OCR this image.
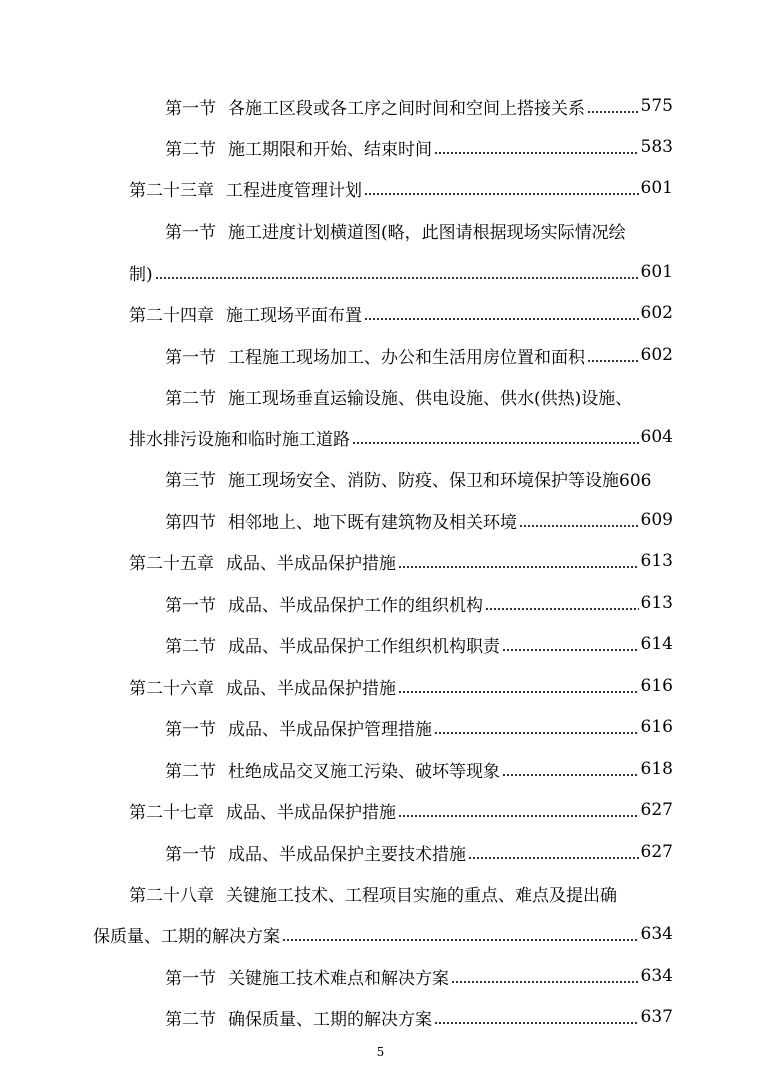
第一节 各施工区段或各工序之间时间和空间上搭接关系	575
第二节 施工期限和开始、结束时间	583
第二十三章 工程进度管理计划	601
第一节 施工进度计划横道图(略，此图请根据现场实际情况绘
制)	601
第二十四章 施工现场平面布置	602
第一节 工程施工现场加工、办公和生活用房位置和面积	602
第二节 施工现场垂直运输设施、供电设施、供水(供热)设施、
排水排污设施和临时施工道路	604
第三节 施工现场安全、消防、防疫、保卫和环境保护等设施606
第四节 相邻地上、地下既有建筑物及相关环境	609
第二十五章 成品、半成品保护措施	613
第一节 成品、半成品保护工作的组织机构	613
第二节 成品、半成品保护工作组织机构职责	614
第二十六章 成品、半成品保护措施	616
第一节 成品、半成品保护管理措施	616
第二节 杜绝成品交叉施工污染、破坏等现象	618
第二十七章 成品、半成品保护措施	627
第一节 成品、半成品保护主要技术措施	627
第二十八章 关键施工技术、工程项目实施的重点、难点及提出确
保质量、工期的解决方案	634
第一节 关键施工技术难点和解决方案	634
第二节 确保质量、工期的解决方案	637
5
